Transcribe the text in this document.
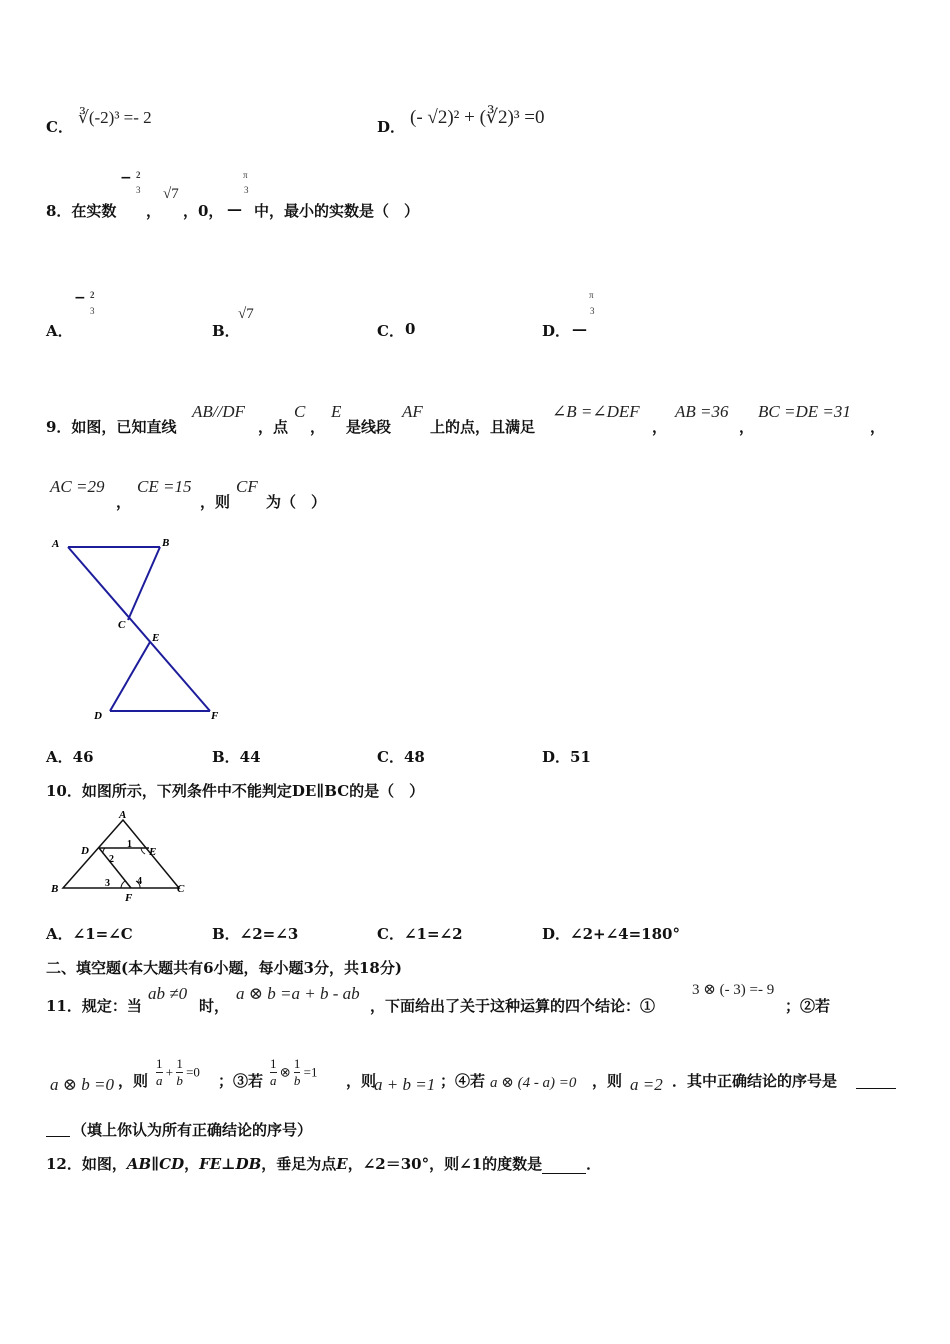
C． ∛(-2)³ =- 2	D． (- √2)² + (∛2)³ =0
8．在实数
− 2
3
，
√7
，0，
π
3
— 中，最小的实数是（　）
A．
− 2
3
B．
√7
C． 0	D． —
π
3
9．如图，已知直线
AB//DF
，点
C
，
E
是线段
AF
上的点，且满足
∠B =∠DEF
，
AB =36
，
BC =DE =31
，
AC =29
，
CE =15
，则
CF
为（　）
A	B
C
E
D	F
A．46	B．44	C．48	D．51
10．如图所示，下列条件中不能判定DE∥BC的是（　）
A
D	E
B	C
F
1
2
3	4
A．∠1=∠C	B．∠2=∠3	C．∠1=∠2	D．∠2+∠4=180°
二、填空题(本大题共有6小题，每小题3分，共18分)
11．规定：当
ab ≠0
时，
a ⊗ b =a + b - ab
，下面给出了关于这种运算的四个结论：①
3 ⊗ (- 3) =- 9
；②若
a ⊗ b =0 ，则 $\frac{1}{a} + \frac{1}{b} =0$ ；③若 $\frac{1}{a}$ ⊗ $\frac{1}{b} =1$ ，则
a + b =1 ；④若 a ⊗ (4 - a) =0 ，则 a =2 ．其中正确结论的序号是
（填上你认为所有正确结论的序号）
12．如图，AB∥CD，FE⊥DB，垂足为点E，∠2＝30°，则∠1的度数是	．
